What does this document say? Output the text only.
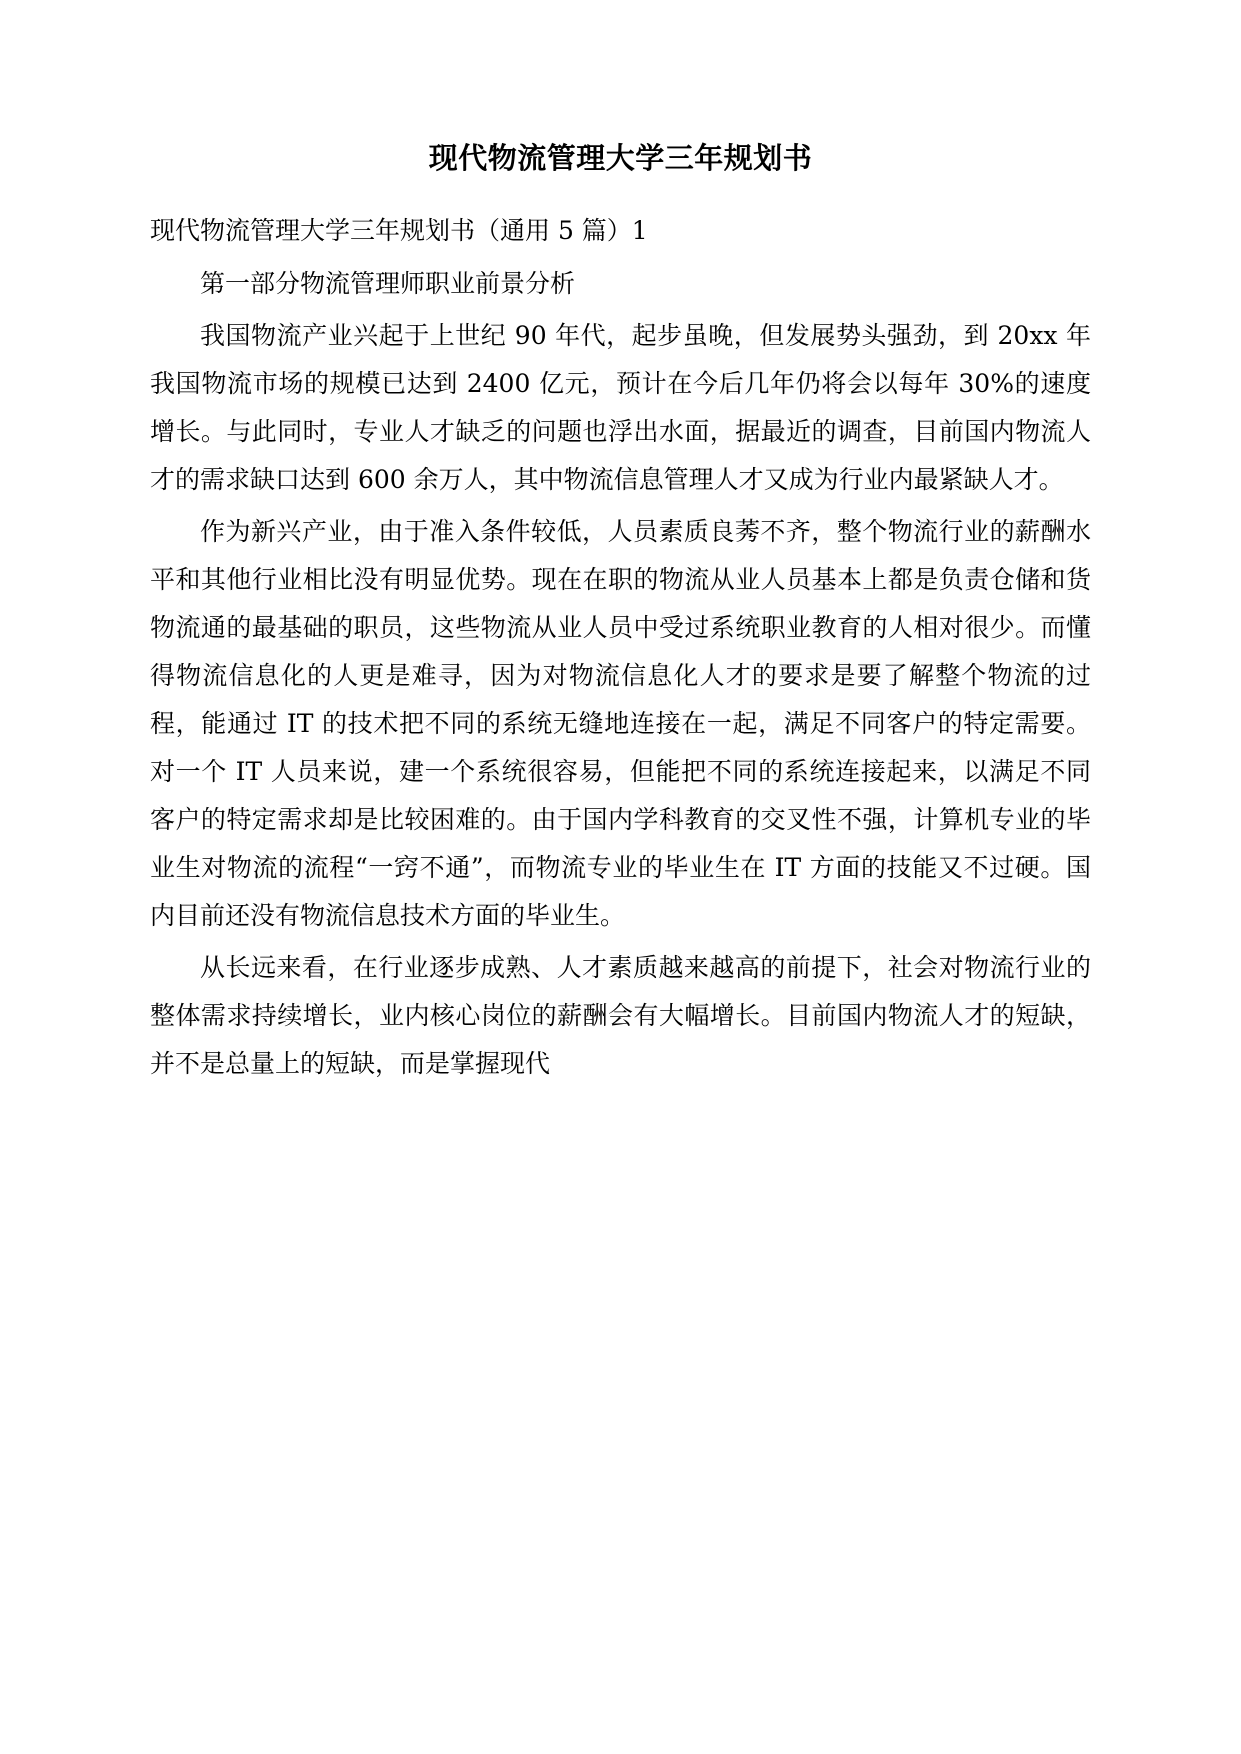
现代物流管理大学三年规划书

现代物流管理大学三年规划书（通用 5 篇）1

第一部分物流管理师职业前景分析

我国物流产业兴起于上世纪 90 年代，起步虽晚，但发展势头强劲，到 20xx 年我国物流市场的规模已达到 2400 亿元，预计在今后几年仍将会以每年 30%的速度增长。与此同时，专业人才缺乏的问题也浮出水面，据最近的调查，目前国内物流人才的需求缺口达到 600 余万人，其中物流信息管理人才又成为行业内最紧缺人才。

作为新兴产业，由于准入条件较低，人员素质良莠不齐，整个物流行业的薪酬水平和其他行业相比没有明显优势。现在在职的物流从业人员基本上都是负责仓储和货物流通的最基础的职员，这些物流从业人员中受过系统职业教育的人相对很少。而懂得物流信息化的人更是难寻，因为对物流信息化人才的要求是要了解整个物流的过程，能通过 IT 的技术把不同的系统无缝地连接在一起，满足不同客户的特定需要。对一个 IT 人员来说，建一个系统很容易，但能把不同的系统连接起来，以满足不同客户的特定需求却是比较困难的。由于国内学科教育的交叉性不强，计算机专业的毕业生对物流的流程“一窍不通”，而物流专业的毕业生在 IT 方面的技能又不过硬。国内目前还没有物流信息技术方面的毕业生。

从长远来看，在行业逐步成熟、人才素质越来越高的前提下，社会对物流行业的整体需求持续增长，业内核心岗位的薪酬会有大幅增长。目前国内物流人才的短缺，并不是总量上的短缺，而是掌握现代
